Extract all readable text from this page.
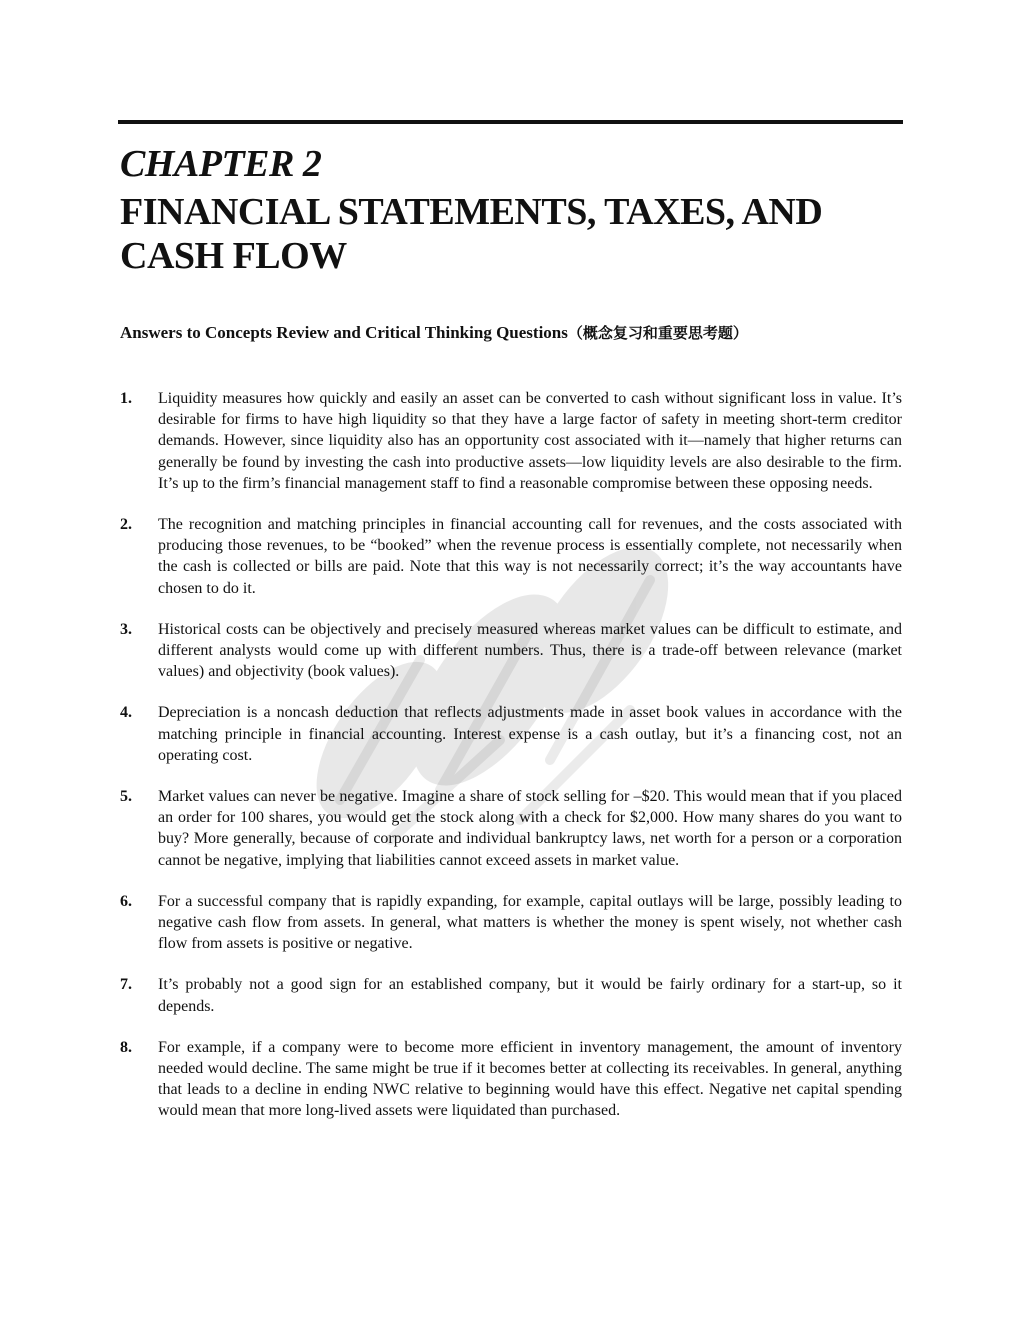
CHAPTER 2
FINANCIAL STATEMENTS, TAXES, AND CASH FLOW
Answers to Concepts Review and Critical Thinking Questions（概念复习和重要思考题）
1. Liquidity measures how quickly and easily an asset can be converted to cash without significant loss in value. It’s desirable for firms to have high liquidity so that they have a large factor of safety in meeting short-term creditor demands. However, since liquidity also has an opportunity cost associated with it—namely that higher returns can generally be found by investing the cash into productive assets—low liquidity levels are also desirable to the firm. It’s up to the firm’s financial management staff to find a reasonable compromise between these opposing needs.
2. The recognition and matching principles in financial accounting call for revenues, and the costs associated with producing those revenues, to be “booked” when the revenue process is essentially complete, not necessarily when the cash is collected or bills are paid. Note that this way is not necessarily correct; it’s the way accountants have chosen to do it.
3. Historical costs can be objectively and precisely measured whereas market values can be difficult to estimate, and different analysts would come up with different numbers. Thus, there is a trade-off between relevance (market values) and objectivity (book values).
4. Depreciation is a noncash deduction that reflects adjustments made in asset book values in accordance with the matching principle in financial accounting. Interest expense is a cash outlay, but it’s a financing cost, not an operating cost.
5. Market values can never be negative. Imagine a share of stock selling for –$20. This would mean that if you placed an order for 100 shares, you would get the stock along with a check for $2,000. How many shares do you want to buy? More generally, because of corporate and individual bankruptcy laws, net worth for a person or a corporation cannot be negative, implying that liabilities cannot exceed assets in market value.
6. For a successful company that is rapidly expanding, for example, capital outlays will be large, possibly leading to negative cash flow from assets. In general, what matters is whether the money is spent wisely, not whether cash flow from assets is positive or negative.
7. It’s probably not a good sign for an established company, but it would be fairly ordinary for a start-up, so it depends.
8. For example, if a company were to become more efficient in inventory management, the amount of inventory needed would decline. The same might be true if it becomes better at collecting its receivables. In general, anything that leads to a decline in ending NWC relative to beginning would have this effect. Negative net capital spending would mean that more long-lived assets were liquidated than purchased.
